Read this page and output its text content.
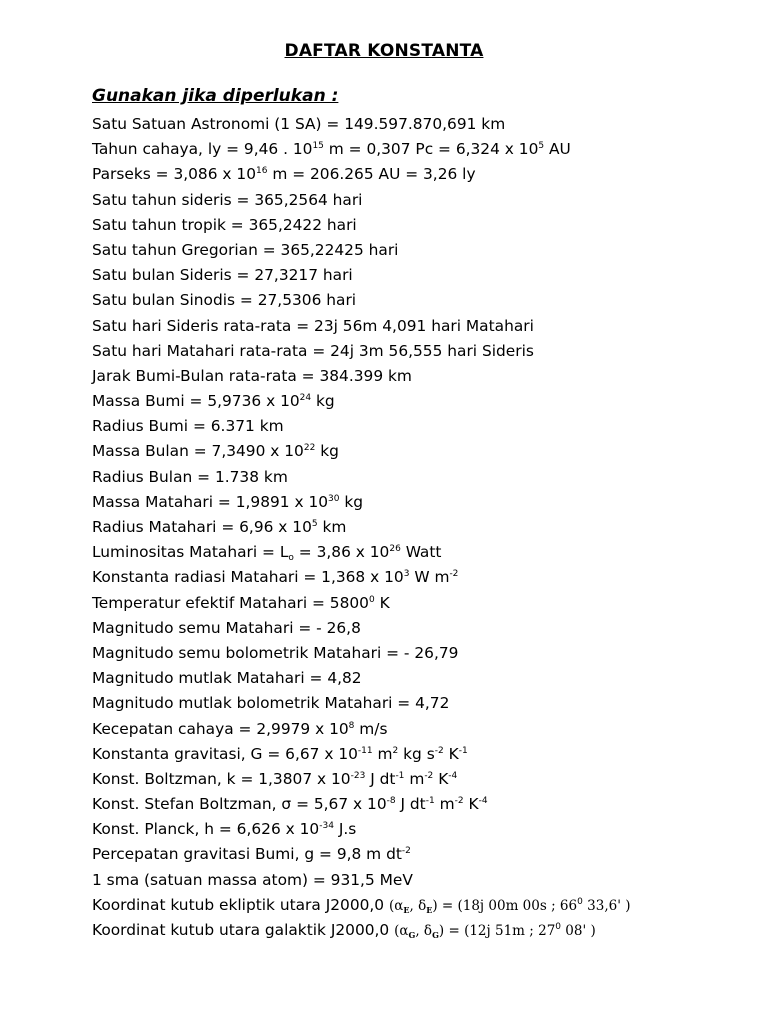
DAFTAR KONSTANTA
Gunakan jika diperlukan :
Satu Satuan Astronomi (1 SA) = 149.597.870,691 km
Tahun cahaya, ly = 9,46 . $10^{15}$ m = 0,307 Pc = 6,324 x $10^5$ AU
Parseks = 3,086 x $10^{16}$ m = 206.265 AU = 3,26 ly
Satu tahun sideris = 365,2564 hari
Satu tahun tropik = 365,2422 hari
Satu tahun Gregorian = 365,22425 hari
Satu bulan Sideris = 27,3217 hari
Satu bulan Sinodis = 27,5306 hari
Satu hari Sideris rata-rata = 23j 56m 4,091 hari Matahari
Satu hari Matahari rata-rata = 24j 3m 56,555 hari Sideris
Jarak Bumi-Bulan rata-rata = 384.399 km
Massa Bumi = 5,9736 x $10^{24}$ kg
Radius Bumi = 6.371 km
Massa Bulan = 7,3490 x $10^{22}$ kg
Radius Bulan = 1.738 km
Massa Matahari = 1,9891 x $10^{30}$ kg
Radius Matahari = 6,96 x $10^5$ km
Luminositas Matahari = $L_o = 3,86$ x $10^{26}$ Watt
Konstanta radiasi Matahari = 1,368 x $10^3$ W $m^{-2}$
Temperatur efektif Matahari = $5800^0$ K
Magnitudo semu Matahari = - 26,8
Magnitudo semu bolometrik Matahari = - 26,79
Magnitudo mutlak Matahari = 4,82
Magnitudo mutlak bolometrik Matahari = 4,72
Kecepatan cahaya = 2,9979 x $10^8$ m/s
Konstanta gravitasi, G = 6,67 x $10^{-11}$ $m^2$ kg $s^{-2}$ $K^{-1}$
Konst. Boltzman, k = 1,3807 x $10^{-23}$ J $dt^{-1}$ $m^{-2}$ $K^{-4}$
Konst. Stefan Boltzman, σ = 5,67 x $10^{-8}$ J $dt^{-1}$ $m^{-2}$ $K^{-4}$
Konst. Planck, h = 6,626 x $10^{-34}$ J.s
Percepatan gravitasi Bumi, g = 9,8 m $dt^{-2}$
1 sma (satuan massa atom) = 931,5 MeV
Koordinat kutub ekliptik utara J2000,0 (αE, δE) = (18j 00m 00s ; $66^0$ 33,6' )
Koordinat kutub utara galaktik J2000,0 (αG, δG) = (12j 51m ; $27^0$ 08' )
